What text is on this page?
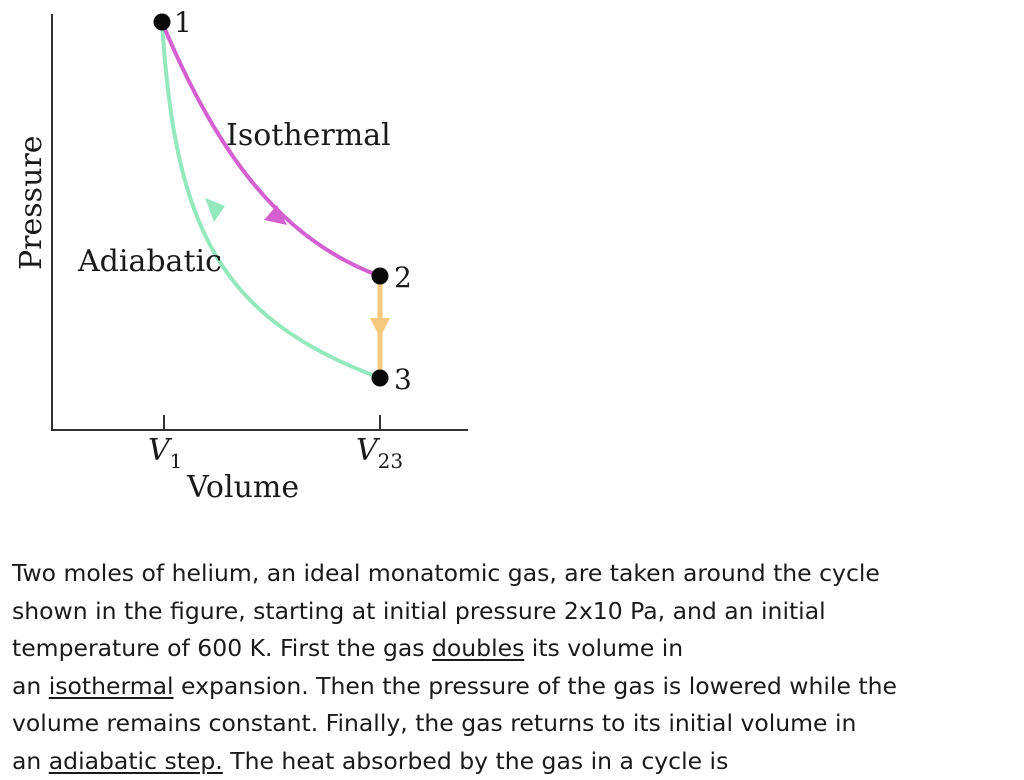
1
2
3
Isothermal
Adiabatic
Pressure
Volume
$V_1$	$V_{23}$

Two moles of helium, an ideal monatomic gas, are taken around the cycle
shown in the figure, starting at initial pressure 2x10 Pa, and an initial
temperature of 600 K. First the gas doubles its volume in
an isothermal expansion. Then the pressure of the gas is lowered while the
volume remains constant. Finally, the gas returns to its initial volume in
an adiabatic step. The heat absorbed by the gas in a cycle is
